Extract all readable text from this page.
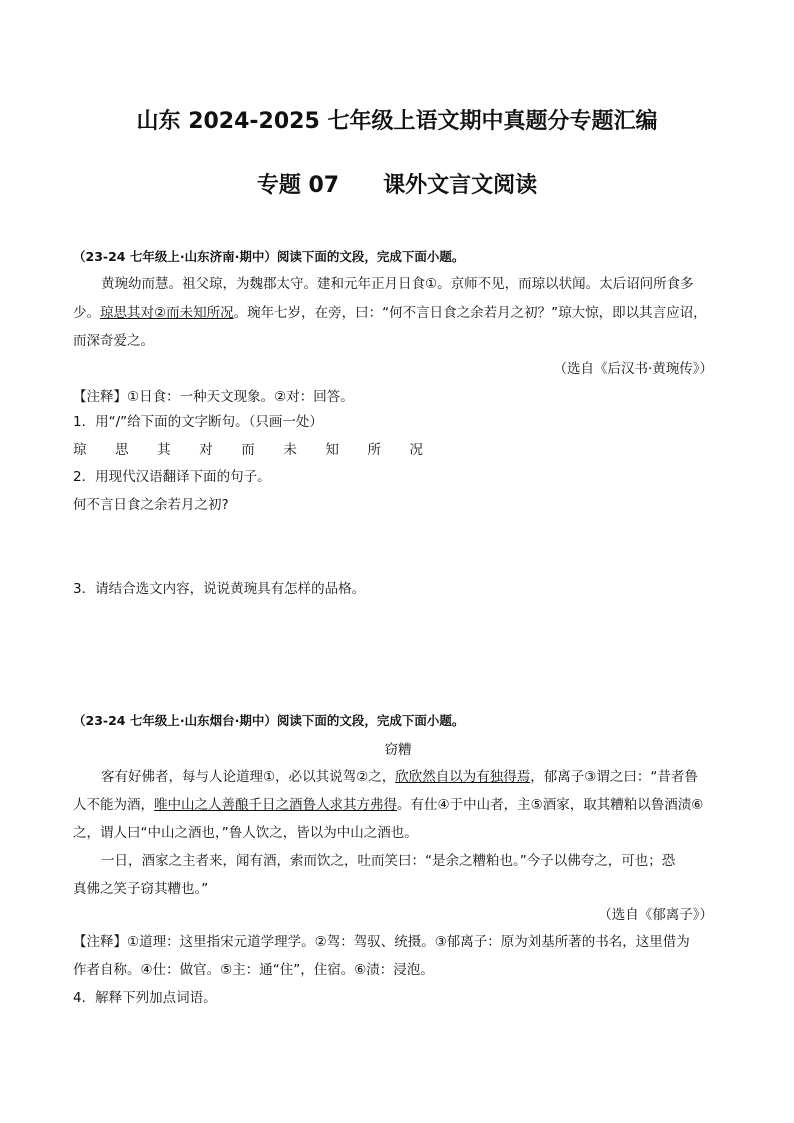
山东 2024-2025 七年级上语文期中真题分专题汇编
专题 07 课外文言文阅读
（23-24 七年级上·山东济南·期中）阅读下面的文段，完成下面小题。
黄琬幼而慧。祖父琼，为魏郡太守。建和元年正月日食①。京师不见，而琼以状闻。太后诏问所食多
少。琼思其对②而未知所况。琬年七岁，在旁，曰：“何不言日食之余若月之初？”琼大惊，即以其言应诏，
而深奇爱之。
（选自《后汉书·黄琬传》）
【注释】①日食：一种天文现象。②对：回答。
1．用“/”给下面的文字断句。（只画一处）
琼 思 其 对 而 未 知 所 况
2．用现代汉语翻译下面的句子。
何不言日食之余若月之初?
3．请结合选文内容，说说黄琬具有怎样的品格。
（23-24 七年级上·山东烟台·期中）阅读下面的文段，完成下面小题。
窃糟
客有好佛者，每与人论道理①，必以其说驾②之，欣欣然自以为有独得焉，郁离子③谓之曰：“昔者鲁
人不能为酒，唯中山之人善酿千日之酒鲁人求其方弗得。有仕④于中山者，主⑤酒家，取其糟粕以鲁酒渍⑥
之，谓人曰“中山之酒也，”鲁人饮之，皆以为中山之酒也。
一日，酒家之主者来，闻有酒，索而饮之，吐而笑曰：“是余之糟粕也。”今子以佛夸之，可也；恐
真佛之笑子窃其糟也。”
（选自《郁离子》）
【注释】①道理：这里指宋元道学理学。②驾：驾驭、统摄。③郁离子：原为刘基所著的书名，这里借为
作者自称。④仕：做官。⑤主：通“住”，住宿。⑥渍：浸泡。
4．解释下列加点词语。
